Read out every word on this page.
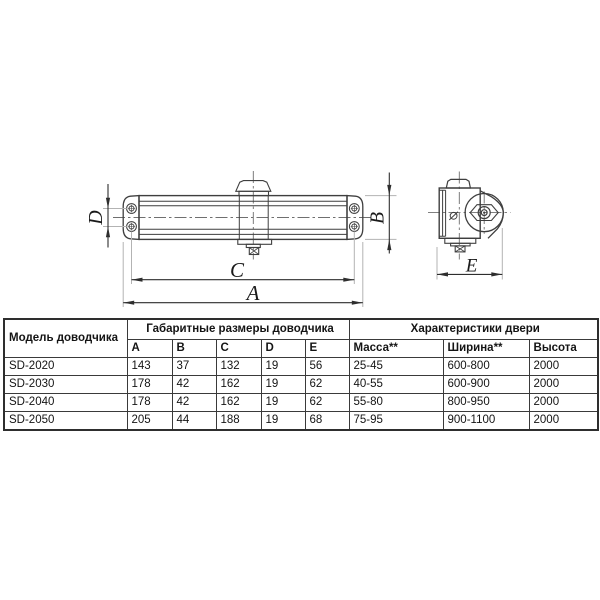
D	B
C
A
E
Модель доводчика	Габаритные размеры доводчика					Характеристики двери		
	A	B	C	D	E	Масса**	Ширина**	Высота
SD-2020	143	37	132	19	56	25-45	600-800	2000
SD-2030	178	42	162	19	62	40-55	600-900	2000
SD-2040	178	42	162	19	62	55-80	800-950	2000
SD-2050	205	44	188	19	68	75-95	900-1100	2000
